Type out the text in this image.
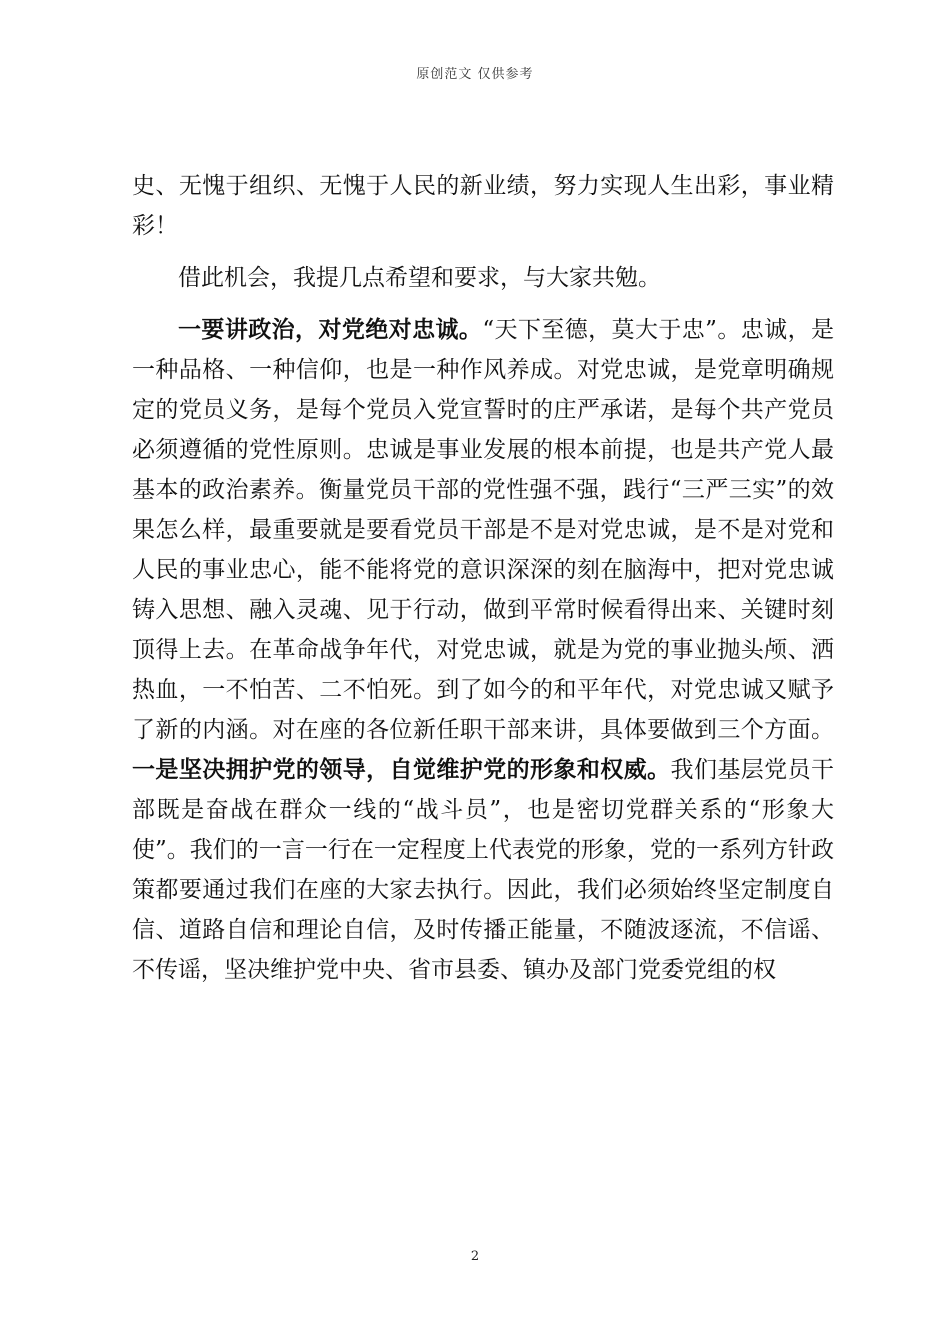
原创范文 仅供参考

史、无愧于组织、无愧于人民的新业绩，努力实现人生出彩，事业精彩！

借此机会，我提几点希望和要求，与大家共勉。

一要讲政治，对党绝对忠诚。“天下至德，莫大于忠”。忠诚，是一种品格、一种信仰，也是一种作风养成。对党忠诚，是党章明确规定的党员义务，是每个党员入党宣誓时的庄严承诺，是每个共产党员必须遵循的党性原则。忠诚是事业发展的根本前提，也是共产党人最基本的政治素养。衡量党员干部的党性强不强，践行“三严三实”的效果怎么样，最重要就是要看党员干部是不是对党忠诚，是不是对党和人民的事业忠心，能不能将党的意识深深的刻在脑海中，把对党忠诚铸入思想、融入灵魂、见于行动，做到平常时候看得出来、关键时刻顶得上去。在革命战争年代，对党忠诚，就是为党的事业抛头颅、洒热血，一不怕苦、二不怕死。到了如今的和平年代，对党忠诚又赋予了新的内涵。对在座的各位新任职干部来讲，具体要做到三个方面。一是坚决拥护党的领导，自觉维护党的形象和权威。我们基层党员干部既是奋战在群众一线的“战斗员”，也是密切党群关系的“形象大使”。我们的一言一行在一定程度上代表党的形象，党的一系列方针政策都要通过我们在座的大家去执行。因此，我们必须始终坚定制度自信、道路自信和理论自信，及时传播正能量，不随波逐流，不信谣、不传谣，坚决维护党中央、省市县委、镇办及部门党委党组的权

2
